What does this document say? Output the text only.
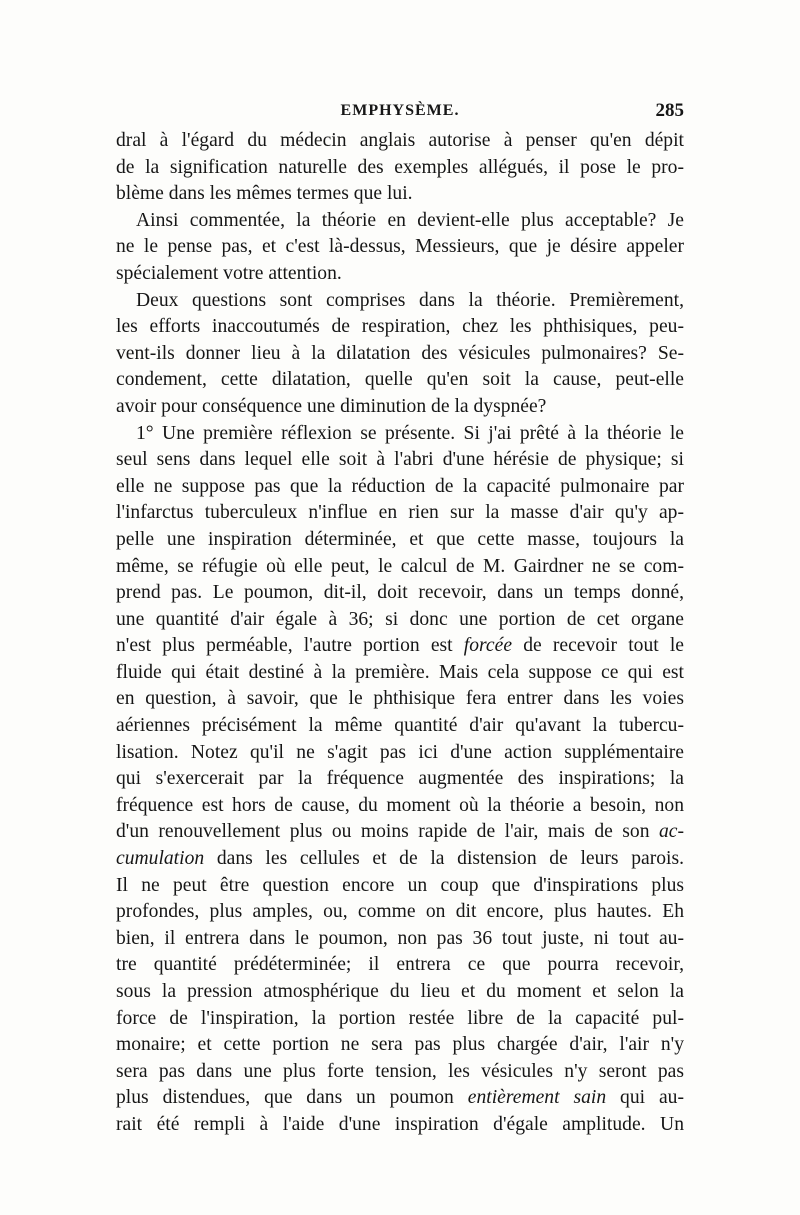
EMPHYSÈME.	285
dral à l'égard du médecin anglais autorise à penser qu'en dépit
de la signification naturelle des exemples allégués, il pose le pro-
blème dans les mêmes termes que lui.
Ainsi commentée, la théorie en devient-elle plus acceptable? Je
ne le pense pas, et c'est là-dessus, Messieurs, que je désire appeler
spécialement votre attention.
Deux questions sont comprises dans la théorie. Premièrement,
les efforts inaccoutumés de respiration, chez les phthisiques, peu-
vent-ils donner lieu à la dilatation des vésicules pulmonaires? Se-
condement, cette dilatation, quelle qu'en soit la cause, peut-elle
avoir pour conséquence une diminution de la dyspnée?
1° Une première réflexion se présente. Si j'ai prêté à la théorie le
seul sens dans lequel elle soit à l'abri d'une hérésie de physique; si
elle ne suppose pas que la réduction de la capacité pulmonaire par
l'infarctus tuberculeux n'influe en rien sur la masse d'air qu'y ap-
pelle une inspiration déterminée, et que cette masse, toujours la
même, se réfugie où elle peut, le calcul de M. Gairdner ne se com-
prend pas. Le poumon, dit-il, doit recevoir, dans un temps donné,
une quantité d'air égale à 36; si donc une portion de cet organe
n'est plus perméable, l'autre portion est forcée de recevoir tout le
fluide qui était destiné à la première. Mais cela suppose ce qui est
en question, à savoir, que le phthisique fera entrer dans les voies
aériennes précisément la même quantité d'air qu'avant la tubercu-
lisation. Notez qu'il ne s'agit pas ici d'une action supplémentaire
qui s'exercerait par la fréquence augmentée des inspirations; la
fréquence est hors de cause, du moment où la théorie a besoin, non
d'un renouvellement plus ou moins rapide de l'air, mais de son ac-
cumulation dans les cellules et de la distension de leurs parois.
Il ne peut être question encore un coup que d'inspirations plus
profondes, plus amples, ou, comme on dit encore, plus hautes. Eh
bien, il entrera dans le poumon, non pas 36 tout juste, ni tout au-
tre quantité prédéterminée; il entrera ce que pourra recevoir,
sous la pression atmosphérique du lieu et du moment et selon la
force de l'inspiration, la portion restée libre de la capacité pul-
monaire; et cette portion ne sera pas plus chargée d'air, l'air n'y
sera pas dans une plus forte tension, les vésicules n'y seront pas
plus distendues, que dans un poumon entièrement sain qui au-
rait été rempli à l'aide d'une inspiration d'égale amplitude. Un
